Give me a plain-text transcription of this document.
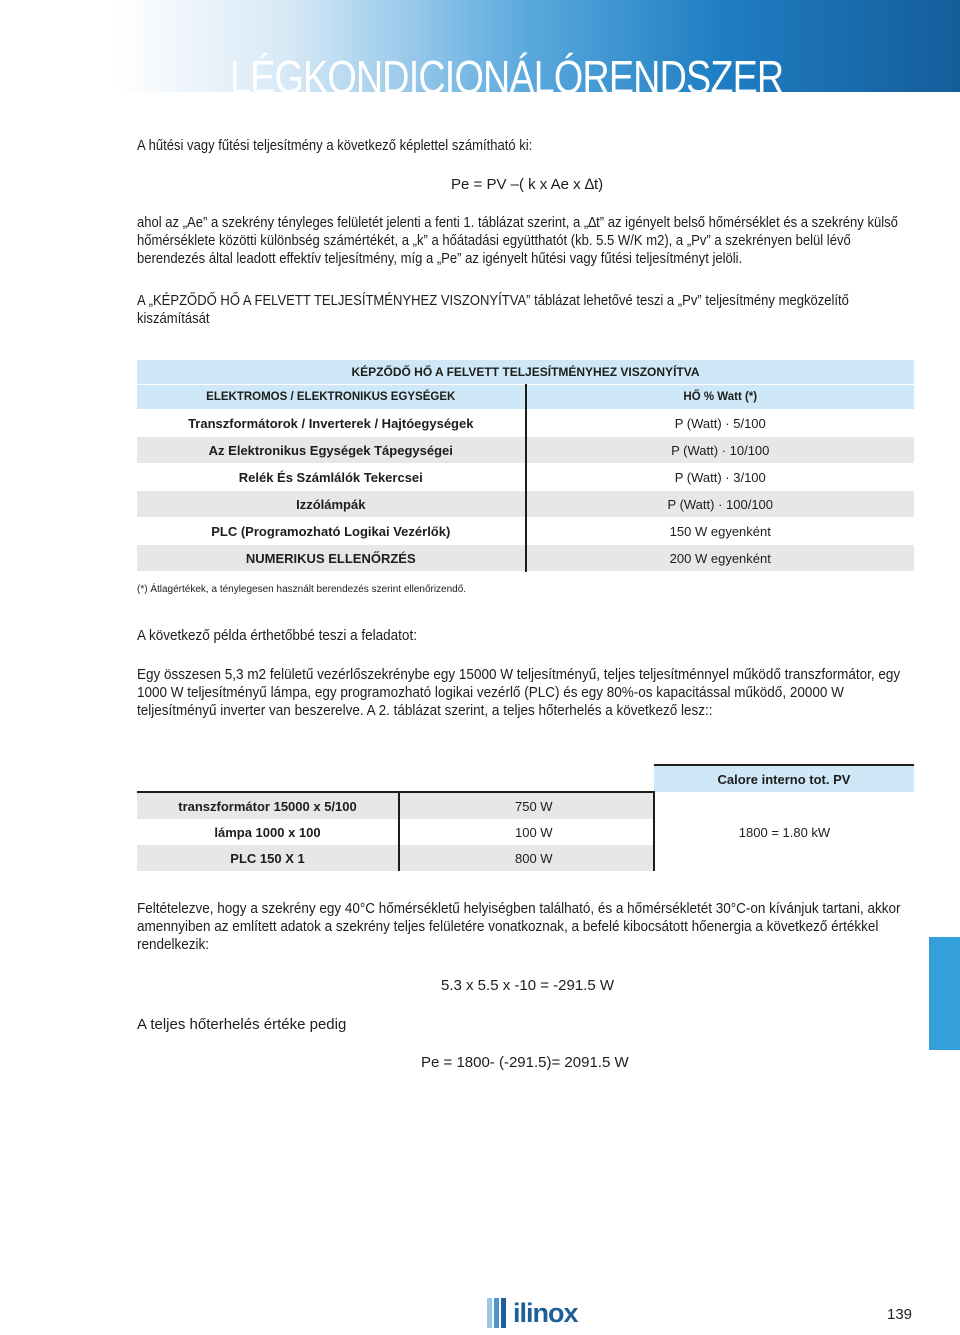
LÉGKONDICIONÁLÓRENDSZER
A hűtési vagy fűtési teljesítmény a következő képlettel számítható ki:
Pe = PV –( k x Ae x ∆t)
ahol az „Ae” a szekrény tényleges felületét jelenti a fenti 1. táblázat szerint, a „∆t” az igényelt belső hőmérséklet és a szekrény külső hőmérséklete közötti különbség számértékét, a „k” a hőátadási együtthatót (kb. 5.5 W/K m2), a „Pv” a szekrényen belül lévő berendezés által leadott effektív teljesítmény, míg a „Pe” az igényelt hűtési vagy fűtési teljesítményt jelöli.
A „KÉPZŐDŐ HŐ A FELVETT TELJESÍTMÉNYHEZ VISZONYÍTVA” táblázat lehetővé teszi a „Pv” teljesítmény megközelítő kiszámítását
KÉPZŐDŐ HŐ A FELVETT TELJESÍTMÉNYHEZ VISZONYÍTVA	
ELEKTROMOS / ELEKTRONIKUS EGYSÉGEK	HŐ % Watt (*)
Transzformátorok / Inverterek / Hajtóegységek	P (Watt) · 5/100
Az Elektronikus Egységek Tápegységei	P (Watt) · 10/100
Relék És Számlálók Tekercsei	P (Watt) · 3/100
Izzólámpák	P (Watt) · 100/100
PLC (Programozható Logikai Vezérlők)	150 W egyenként
NUMERIKUS ELLENŐRZÉS	200 W egyenként
(*) Átlagértékek, a ténylegesen használt berendezés szerint ellenőrizendő.
A következő példa érthetőbbé teszi a feladatot:
Egy összesen 5,3 m2 felületű vezérlőszekrénybe egy 15000 W teljesítményű, teljes teljesítménnyel működő transzformátor, egy 1000 W teljesítményű lámpa, egy programozható logikai vezérlő (PLC) és egy 80%-os kapacitással működő, 20000 W teljesítményű inverter van beszerelve. A 2. táblázat szerint, a teljes hőterhelés a következő lesz::
		Calore interno tot. PV
transzformátor 15000 x 5/100	750 W	
lámpa 1000 x 100	100 W	1800 = 1.80 kW
PLC 150 X 1	800 W	
Feltételezve, hogy a szekrény egy 40°C hőmérsékletű helyiségben található, és a hőmérsékletét 30°C-on kívánjuk tartani, akkor amennyiben az említett adatok a szekrény teljes felületére vonatkoznak, a befelé kibocsátott hőenergia a következő értékkel rendelkezik:
5.3 x 5.5 x -10 = -291.5 W
A teljes hőterhelés értéke pedig
Pe = 1800- (-291.5)= 2091.5 W
ilinox	139
